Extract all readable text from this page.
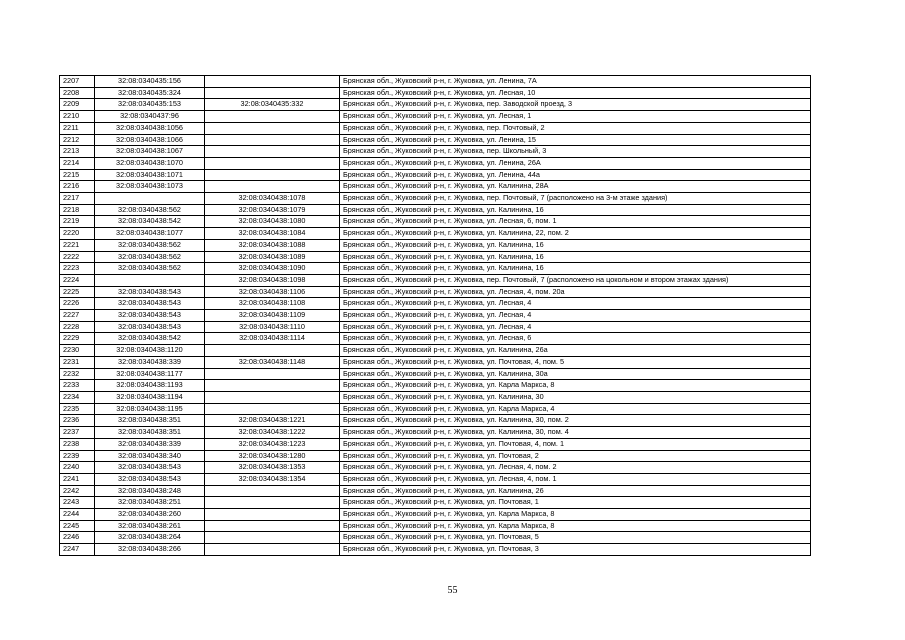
2207	32:08:0340435:156		Брянская обл., Жуковский р-н, г. Жуковка, ул. Ленина, 7А
2208	32:08:0340435:324		Брянская обл., Жуковский р-н, г. Жуковка, ул. Лесная, 10
2209	32:08:0340435:153	32:08:0340435:332	Брянская обл., Жуковский р-н, г. Жуковка, пер. Заводской проезд, 3
2210	32:08:0340437:96		Брянская обл., Жуковский р-н, г. Жуковка, ул. Лесная, 1
2211	32:08:0340438:1056		Брянская обл., Жуковский р-н, г. Жуковка, пер. Почтовый, 2
2212	32:08:0340438:1066		Брянская обл., Жуковский р-н, г. Жуковка, ул. Ленина, 15
2213	32:08:0340438:1067		Брянская обл., Жуковский р-н, г. Жуковка, пер. Школьный, 3
2214	32:08:0340438:1070		Брянская обл., Жуковский р-н, г. Жуковка, ул. Ленина, 26А
2215	32:08:0340438:1071		Брянская обл., Жуковский р-н, г. Жуковка, ул. Ленина, 44а
2216	32:08:0340438:1073		Брянская обл., Жуковский р-н, г. Жуковка, ул. Калинина, 28А
2217		32:08:0340438:1078	Брянская обл., Жуковский р-н, г. Жуковка, пер. Почтовый, 7 (расположено на 3-м этаже здания)
2218	32:08:0340438:562	32:08:0340438:1079	Брянская обл., Жуковский р-н, г. Жуковка, ул. Калинина, 16
2219	32:08:0340438:542	32:08:0340438:1080	Брянская обл., Жуковский р-н, г. Жуковка, ул. Лесная, 6, пом. 1
2220	32:08:0340438:1077	32:08:0340438:1084	Брянская обл., Жуковский р-н, г. Жуковка, ул. Калинина, 22, пом. 2
2221	32:08:0340438:562	32:08:0340438:1088	Брянская обл., Жуковский р-н, г. Жуковка, ул. Калинина, 16
2222	32:08:0340438:562	32:08:0340438:1089	Брянская обл., Жуковский р-н, г. Жуковка, ул. Калинина, 16
2223	32:08:0340438:562	32:08:0340438:1090	Брянская обл., Жуковский р-н, г. Жуковка, ул. Калинина, 16
2224		32:08:0340438:1098	Брянская обл., Жуковский р-н, г. Жуковка, пер. Почтовый, 7 (расположено на цокольном и втором этажах здания)
2225	32:08:0340438:543	32:08:0340438:1106	Брянская обл., Жуковский р-н, г. Жуковка, ул. Лесная, 4, пом. 20а
2226	32:08:0340438:543	32:08:0340438:1108	Брянская обл., Жуковский р-н, г. Жуковка, ул. Лесная, 4
2227	32:08:0340438:543	32:08:0340438:1109	Брянская обл., Жуковский р-н, г. Жуковка, ул. Лесная, 4
2228	32:08:0340438:543	32:08:0340438:1110	Брянская обл., Жуковский р-н, г. Жуковка, ул. Лесная, 4
2229	32:08:0340438:542	32:08:0340438:1114	Брянская обл., Жуковский р-н, г. Жуковка, ул. Лесная, 6
2230	32:08:0340438:1120		Брянская обл., Жуковский р-н, г. Жуковка, ул. Калинина, 26а
2231	32:08:0340438:339	32:08:0340438:1148	Брянская обл., Жуковский р-н, г. Жуковка, ул. Почтовая, 4, пом. 5
2232	32:08:0340438:1177		Брянская обл., Жуковский р-н, г. Жуковка, ул. Калинина, 30а
2233	32:08:0340438:1193		Брянская обл., Жуковский р-н, г. Жуковка, ул. Карла Маркса, 8
2234	32:08:0340438:1194		Брянская обл., Жуковский р-н, г. Жуковка, ул. Калинина, 30
2235	32:08:0340438:1195		Брянская обл., Жуковский р-н, г. Жуковка, ул. Карла Маркса, 4
2236	32:08:0340438:351	32:08:0340438:1221	Брянская обл., Жуковский р-н, г. Жуковка, ул. Калинина, 30, пом. 2
2237	32:08:0340438:351	32:08:0340438:1222	Брянская обл., Жуковский р-н, г. Жуковка, ул. Калинина, 30, пом. 4
2238	32:08:0340438:339	32:08:0340438:1223	Брянская обл., Жуковский р-н, г. Жуковка, ул. Почтовая, 4, пом. 1
2239	32:08:0340438:340	32:08:0340438:1280	Брянская обл., Жуковский р-н, г. Жуковка, ул. Почтовая, 2
2240	32:08:0340438:543	32:08:0340438:1353	Брянская обл., Жуковский р-н, г. Жуковка, ул. Лесная, 4, пом. 2
2241	32:08:0340438:543	32:08:0340438:1354	Брянская обл., Жуковский р-н, г. Жуковка, ул. Лесная, 4, пом. 1
2242	32:08:0340438:248		Брянская обл., Жуковский р-н, г. Жуковка, ул. Калинина, 26
2243	32:08:0340438:251		Брянская обл., Жуковский р-н, г. Жуковка, ул. Почтовая, 1
2244	32:08:0340438:260		Брянская обл., Жуковский р-н, г. Жуковка, ул. Карла Маркса, 8
2245	32:08:0340438:261		Брянская обл., Жуковский р-н, г. Жуковка, ул. Карла Маркса, 8
2246	32:08:0340438:264		Брянская обл., Жуковский р-н, г. Жуковка, ул. Почтовая, 5
2247	32:08:0340438:266		Брянская обл., Жуковский р-н, г. Жуковка, ул. Почтовая, 3
55
